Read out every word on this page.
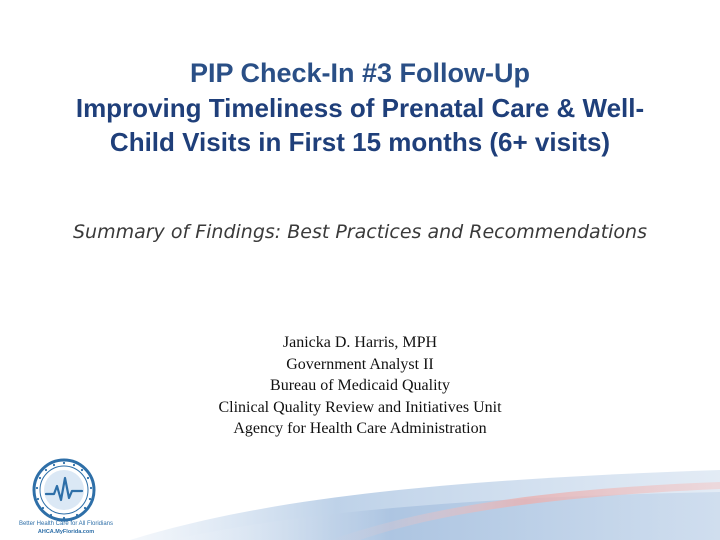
PIP Check-In #3 Follow-Up
Improving Timeliness of Prenatal Care & Well-
Child Visits in First 15 months (6+ visits)

Summary of Findings: Best Practices and Recommendations

Janicka D. Harris, MPH
Government Analyst II
Bureau of Medicaid Quality
Clinical Quality Review and Initiatives Unit
Agency for Health Care Administration
Better Health Care for All Floridians
AHCA.MyFlorida.com
